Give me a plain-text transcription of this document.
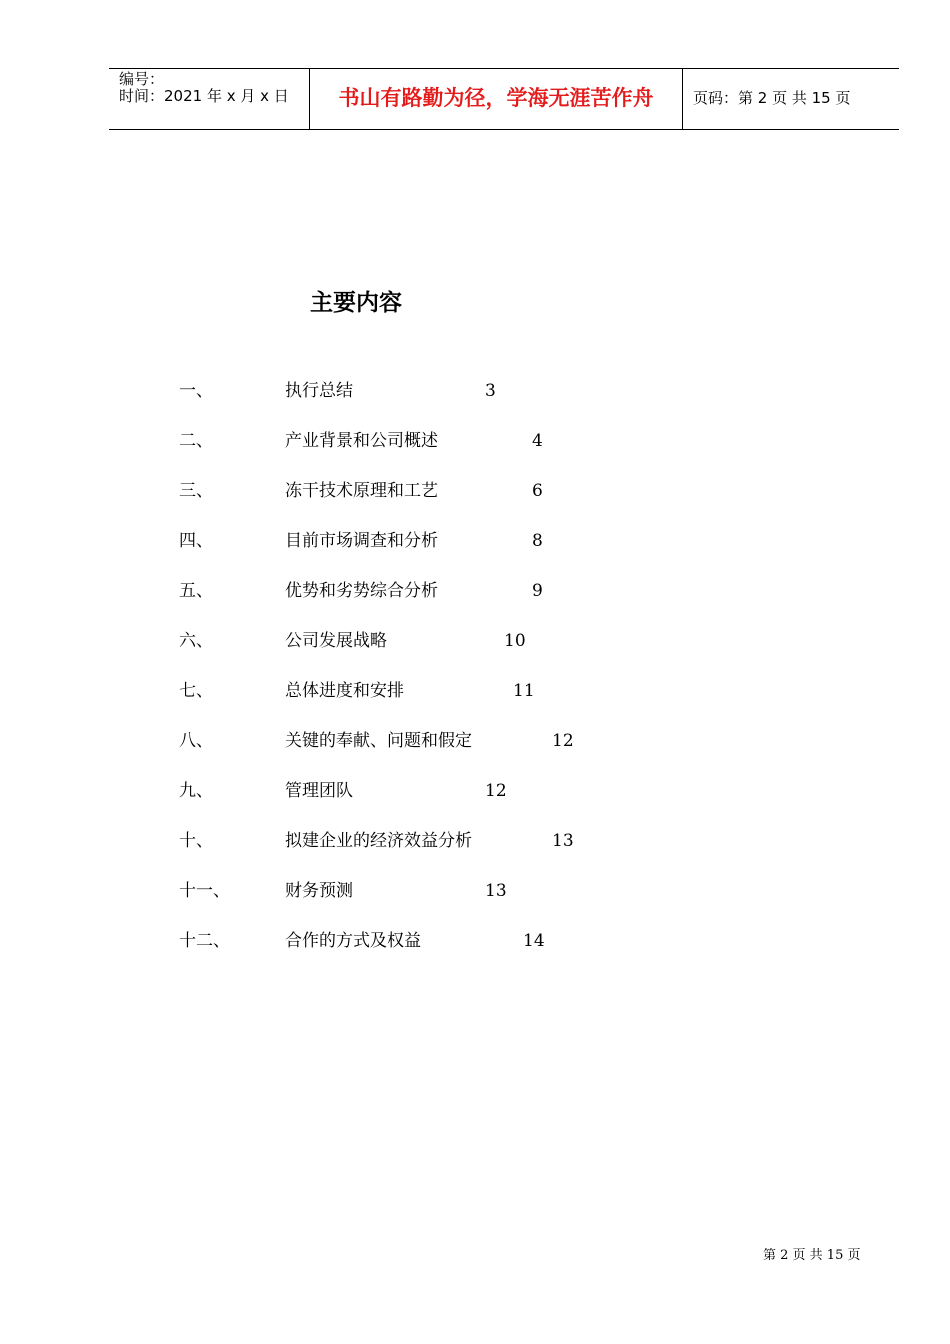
编号：
时间：2021 年 x 月 x 日	书山有路勤为径，学海无涯苦作舟	页码：第 2 页 共 15 页
主要内容
一、	执行总结	3
二、	产业背景和公司概述	4
三、	冻干技术原理和工艺	6
四、	目前市场调查和分析	8
五、	优势和劣势综合分析	9
六、	公司发展战略	10
七、	总体进度和安排	11
八、	关键的奉献、问题和假定	12
九、	管理团队	12
十、	拟建企业的经济效益分析	13
十一、	财务预测	13
十二、	合作的方式及权益	14
第 2 页 共 15 页
